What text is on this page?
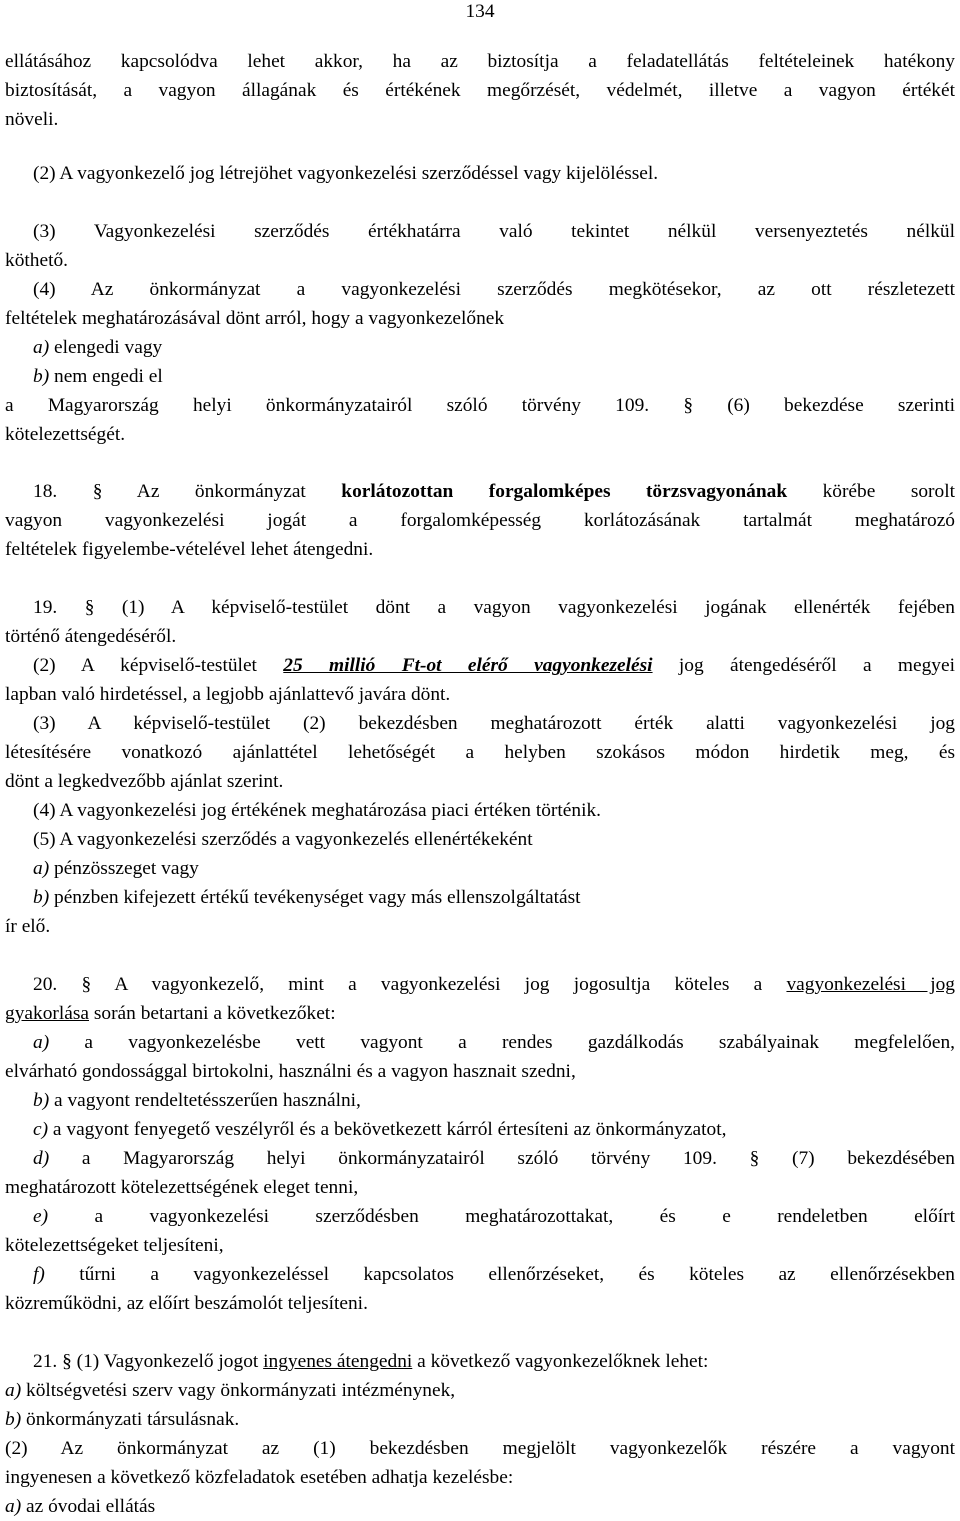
134
ellátásához kapcsolódva lehet akkor, ha az biztosítja a feladatellátás feltételeinek hatékony
biztosítását, a vagyon állagának és értékének megőrzését, védelmét, illetve a vagyon értékét
növeli.
(2) A vagyonkezelő jog létrejöhet vagyonkezelési szerződéssel vagy kijelöléssel.
(3) Vagyonkezelési szerződés értékhatárra való tekintet nélkül versenyeztetés nélkül
köthető.
(4) Az önkormányzat a vagyonkezelési szerződés megkötésekor, az ott részletezett
feltételek meghatározásával dönt arról, hogy a vagyonkezelőnek
a) elengedi vagy
b) nem engedi el
a Magyarország helyi önkormányzatairól szóló törvény 109. § (6) bekezdése szerinti
kötelezettségét.
18. § Az önkormányzat korlátozottan forgalomképes törzsvagyonának körébe sorolt
vagyon vagyonkezelési jogát a forgalomképesség korlátozásának tartalmát meghatározó
feltételek figyelembe-vételével lehet átengedni.
19. § (1) A képviselő-testület dönt a vagyon vagyonkezelési jogának ellenérték fejében
történő átengedéséről.
(2) A képviselő-testület 25 millió Ft-ot elérő vagyonkezelési jog átengedéséről a megyei
lapban való hirdetéssel, a legjobb ajánlattevő javára dönt.
(3) A képviselő-testület (2) bekezdésben meghatározott érték alatti vagyonkezelési jog
létesítésére vonatkozó ajánlattétel lehetőségét a helyben szokásos módon hirdetik meg, és
dönt a legkedvezőbb ajánlat szerint.
(4) A vagyonkezelési jog értékének meghatározása piaci értéken történik.
(5) A vagyonkezelési szerződés a vagyonkezelés ellenértékeként
a) pénzösszeget vagy
b) pénzben kifejezett értékű tevékenységet vagy más ellenszolgáltatást
ír elő.
20. § A vagyonkezelő, mint a vagyonkezelési jog jogosultja köteles a vagyonkezelési jog
gyakorlása során betartani a következőket:
a) a vagyonkezelésbe vett vagyont a rendes gazdálkodás szabályainak megfelelően,
elvárható gondossággal birtokolni, használni és a vagyon hasznait szedni,
b) a vagyont rendeltetésszerűen használni,
c) a vagyont fenyegető veszélyről és a bekövetkezett kárról értesíteni az önkormányzatot,
d) a Magyarország helyi önkormányzatairól szóló törvény 109. § (7) bekezdésében
meghatározott kötelezettségének eleget tenni,
e) a vagyonkezelési szerződésben meghatározottakat, és e rendeletben előírt
kötelezettségeket teljesíteni,
f) tűrni a vagyonkezeléssel kapcsolatos ellenőrzéseket, és köteles az ellenőrzésekben
közreműködni, az előírt beszámolót teljesíteni.
21. § (1) Vagyonkezelő jogot ingyenes átengedni a következő vagyonkezelőknek lehet:
a) költségvetési szerv vagy önkormányzati intézménynek,
b) önkormányzati társulásnak.
(2) Az önkormányzat az (1) bekezdésben megjelölt vagyonkezelők részére a vagyont
ingyenesen a következő közfeladatok esetében adhatja kezelésbe:
a) az óvodai ellátás
